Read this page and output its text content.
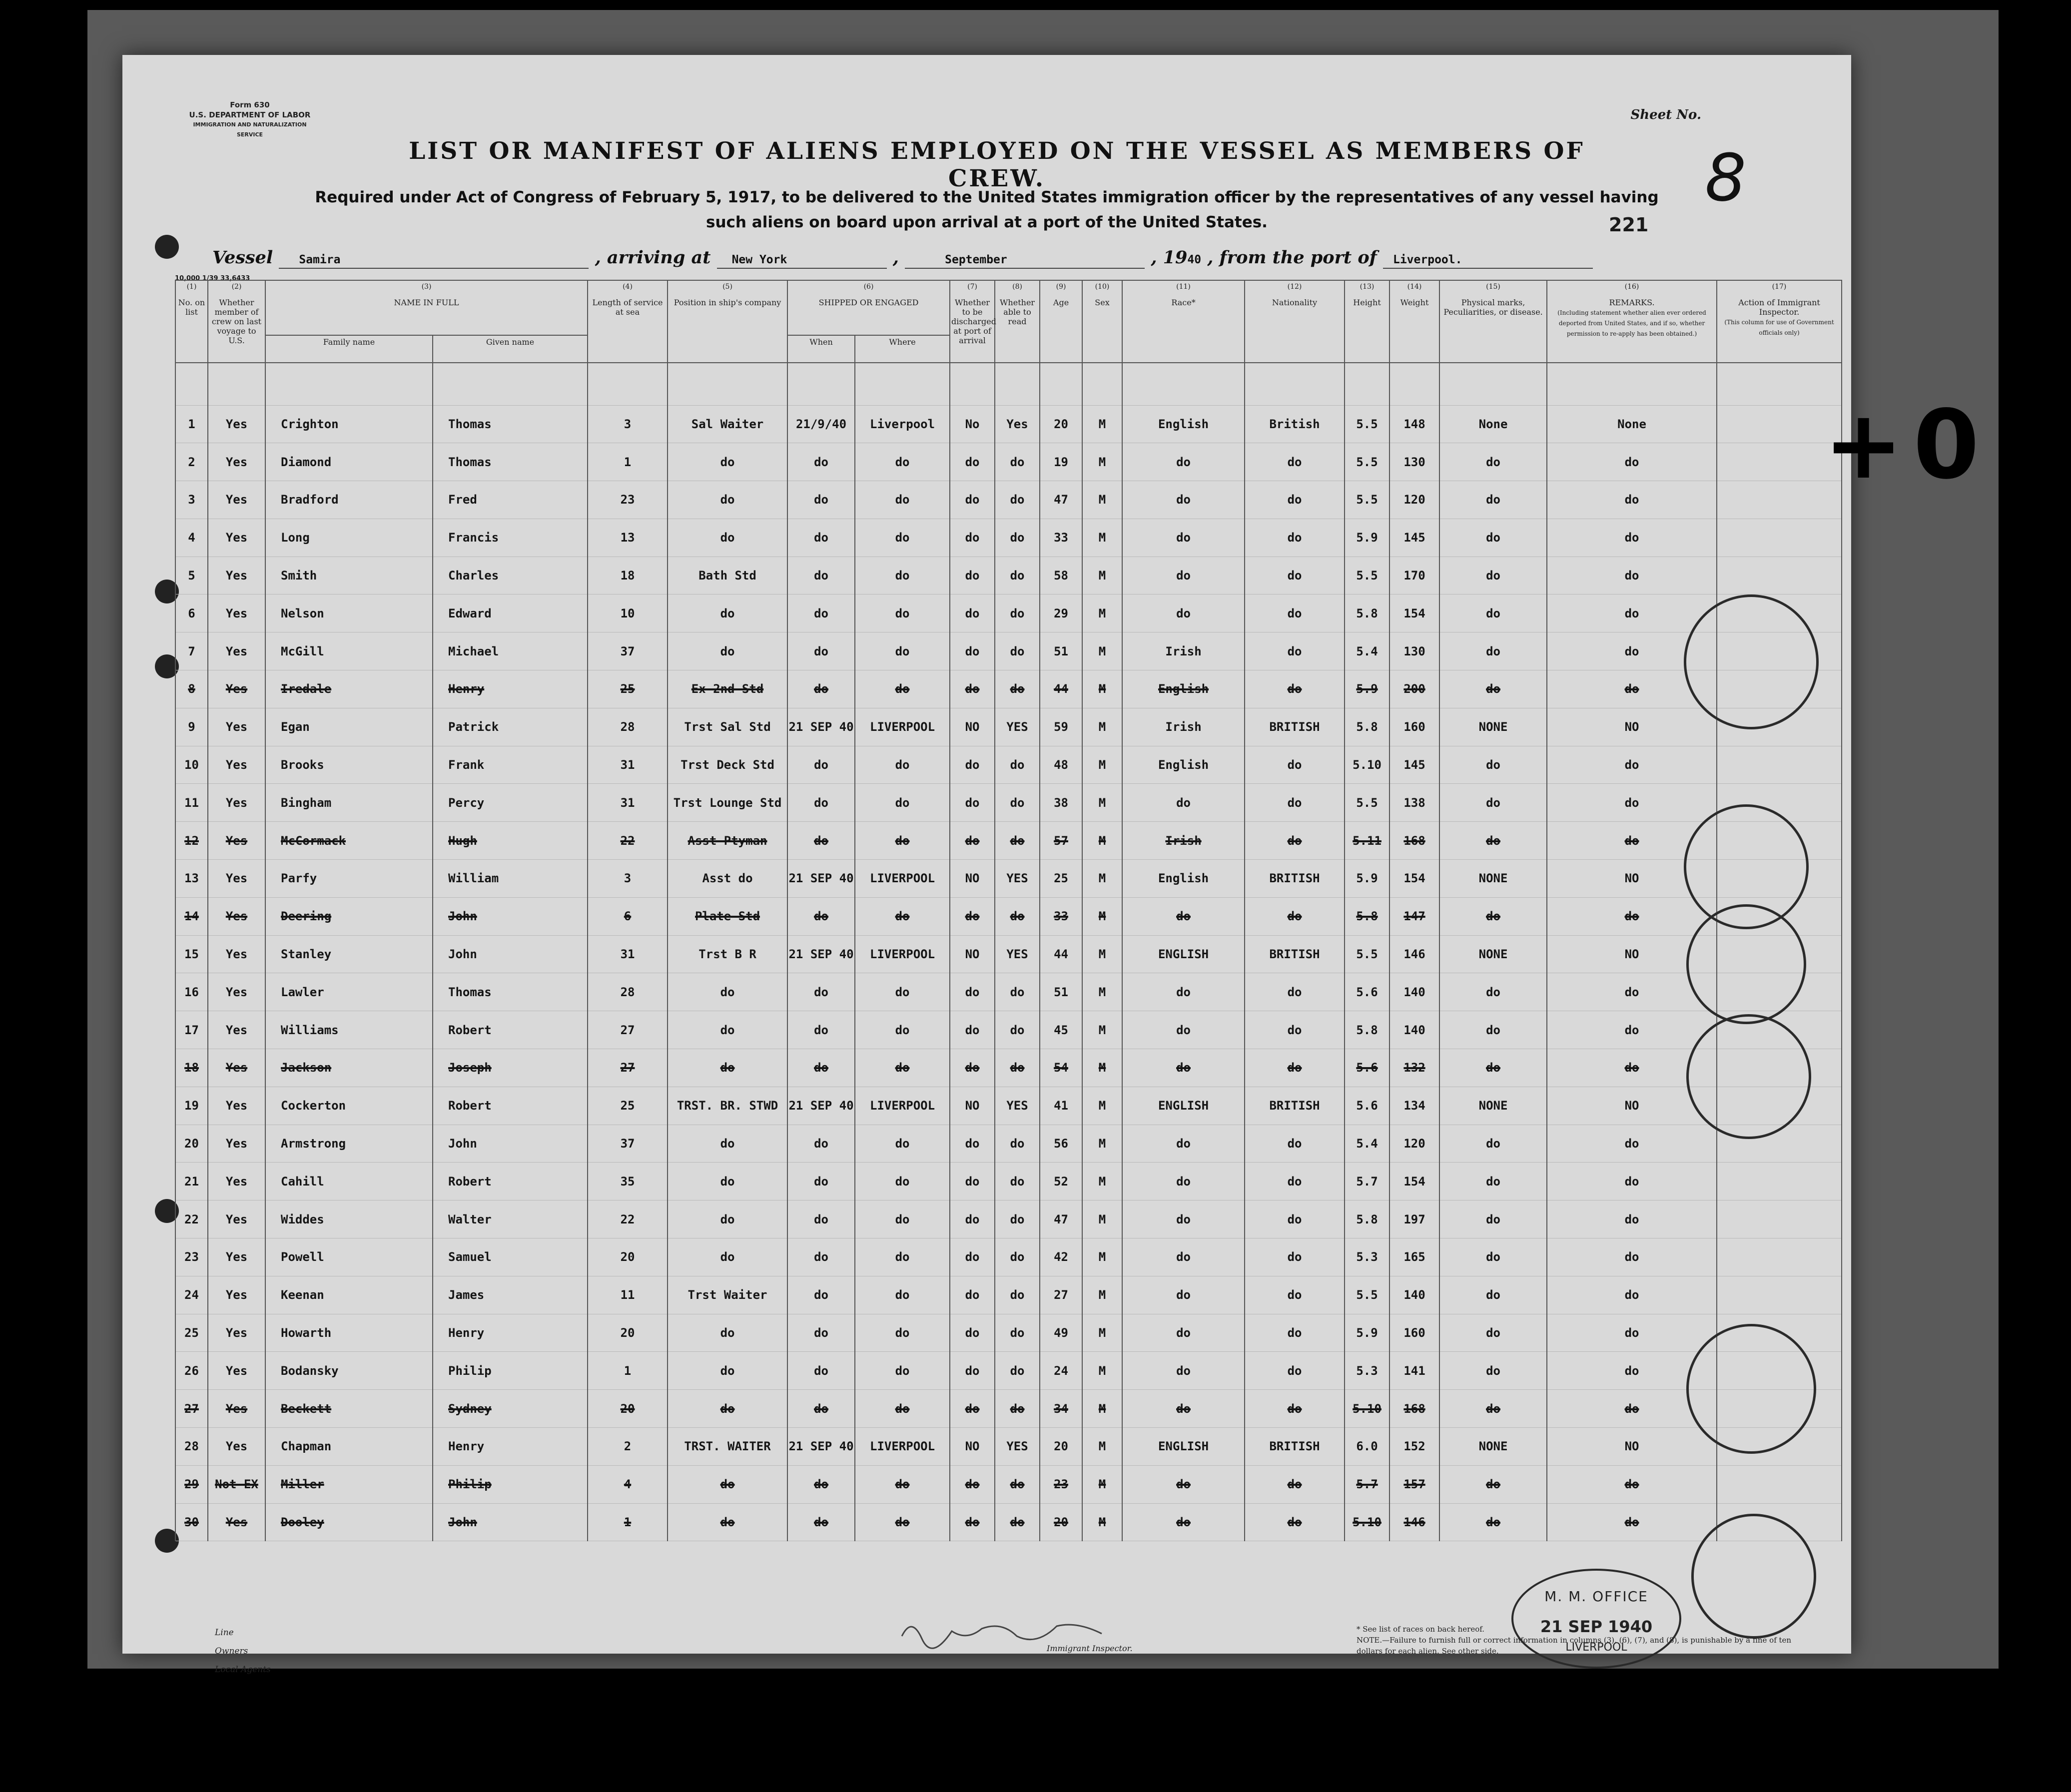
Form 630
U.S. DEPARTMENT OF LABOR
IMMIGRATION AND NATURALIZATION SERVICE
Sheet No.
8
LIST OR MANIFEST OF ALIENS EMPLOYED ON THE VESSEL AS MEMBERS OF CREW.
Required under Act of Congress of February 5, 1917, to be delivered to the United States immigration officer by the representatives of any vessel having such aliens on board upon arrival at a port of the United States.	221
Vessel Samira	, arriving at New York	,	September	, 1940 , from the port of Liverpool.
10,000 1/39 33,6433
(1)
No. on list	(2)
Whether member of crew on last voyage to U.S.	(3)
NAME IN FULL		(4)
Length of service at sea	(5)
Position in ship's company	(6)
SHIPPED OR ENGAGED		(7)
Whether to be discharged at port of arrival	(8)
Whether able to read	(9)
Age	(10)
Sex	(11)
Race*	(12)
Nationality	(13)
Height	(14)
Weight	(15)
Physical marks, Peculiarities, or disease.	(16)
REMARKS.
(Including statement whether alien ever ordered deported from United States, and if so, whether permission to re-apply has been obtained.)	(17)
Action of Immigrant Inspector.
(This column for use of Government officials only)
		Family name	Given name			When	Where											

1	Yes	Crighton	Thomas	3	Sal Waiter	21/9/40	Liverpool	No	Yes	20	M	English	British	5.5	148	None	None	
2	Yes	Diamond	Thomas	1	do	do	do	do	do	19	M	do	do	5.5	130	do	do	
3	Yes	Bradford	Fred	23	do	do	do	do	do	47	M	do	do	5.5	120	do	do	
4	Yes	Long	Francis	13	do	do	do	do	do	33	M	do	do	5.9	145	do	do	
5	Yes	Smith	Charles	18	Bath Std	do	do	do	do	58	M	do	do	5.5	170	do	do	
6	Yes	Nelson	Edward	10	do	do	do	do	do	29	M	do	do	5.8	154	do	do	
7	Yes	McGill	Michael	37	do	do	do	do	do	51	M	Irish	do	5.4	130	do	do	
8	Yes	Iredale	Henry	25	Ex 2nd Std	do	do	do	do	44	M	English	do	5.9	200	do	do	
9	Yes	Egan	Patrick	28	Trst Sal Std	21 SEP 40	LIVERPOOL	NO	YES	59	M	Irish	BRITISH	5.8	160	NONE	NO	
10	Yes	Brooks	Frank	31	Trst Deck Std	do	do	do	do	48	M	English	do	5.10	145	do	do	
11	Yes	Bingham	Percy	31	Trst Lounge Std	do	do	do	do	38	M	do	do	5.5	138	do	do	
12	Yes	McCormack	Hugh	22	Asst Ptyman	do	do	do	do	57	M	Irish	do	5.11	168	do	do	
13	Yes	Parfy	William	3	Asst do	21 SEP 40	LIVERPOOL	NO	YES	25	M	English	BRITISH	5.9	154	NONE	NO	
14	Yes	Deering	John	6	Plate Std	do	do	do	do	33	M	do	do	5.8	147	do	do	
15	Yes	Stanley	John	31	Trst B R	21 SEP 40	LIVERPOOL	NO	YES	44	M	ENGLISH	BRITISH	5.5	146	NONE	NO	
16	Yes	Lawler	Thomas	28	do	do	do	do	do	51	M	do	do	5.6	140	do	do	
17	Yes	Williams	Robert	27	do	do	do	do	do	45	M	do	do	5.8	140	do	do	
18	Yes	Jackson	Joseph	27	do	do	do	do	do	54	M	do	do	5.6	132	do	do	
19	Yes	Cockerton	Robert	25	TRST. BR. STWD	21 SEP 40	LIVERPOOL	NO	YES	41	M	ENGLISH	BRITISH	5.6	134	NONE	NO	
20	Yes	Armstrong	John	37	do	do	do	do	do	56	M	do	do	5.4	120	do	do	
21	Yes	Cahill	Robert	35	do	do	do	do	do	52	M	do	do	5.7	154	do	do	
22	Yes	Widdes	Walter	22	do	do	do	do	do	47	M	do	do	5.8	197	do	do	
23	Yes	Powell	Samuel	20	do	do	do	do	do	42	M	do	do	5.3	165	do	do	
24	Yes	Keenan	James	11	Trst Waiter	do	do	do	do	27	M	do	do	5.5	140	do	do	
25	Yes	Howarth	Henry	20	do	do	do	do	do	49	M	do	do	5.9	160	do	do	
26	Yes	Bodansky	Philip	1	do	do	do	do	do	24	M	do	do	5.3	141	do	do	
27	Yes	Beckett	Sydney	20	do	do	do	do	do	34	M	do	do	5.10	168	do	do	
28	Yes	Chapman	Henry	2	TRST. WAITER	21 SEP 40	LIVERPOOL	NO	YES	20	M	ENGLISH	BRITISH	6.0	152	NONE	NO	
29	Not EX	Miller	Philip	4	do	do	do	do	do	23	M	do	do	5.7	157	do	do	
30	Yes	Dooley	John	1	do	do	do	do	do	20	M	do	do	5.10	146	do	do	
Immigrant Inspector.
Line
Owners
Local Agents
* See list of races on back hereof.
NOTE.—Failure to furnish full or correct information in columns (3), (6), (7), and (8), is punishable by a fine of ten dollars for each alien. See other side.
M. M. OFFICE
21 SEP 1940
LIVERPOOL
+0
